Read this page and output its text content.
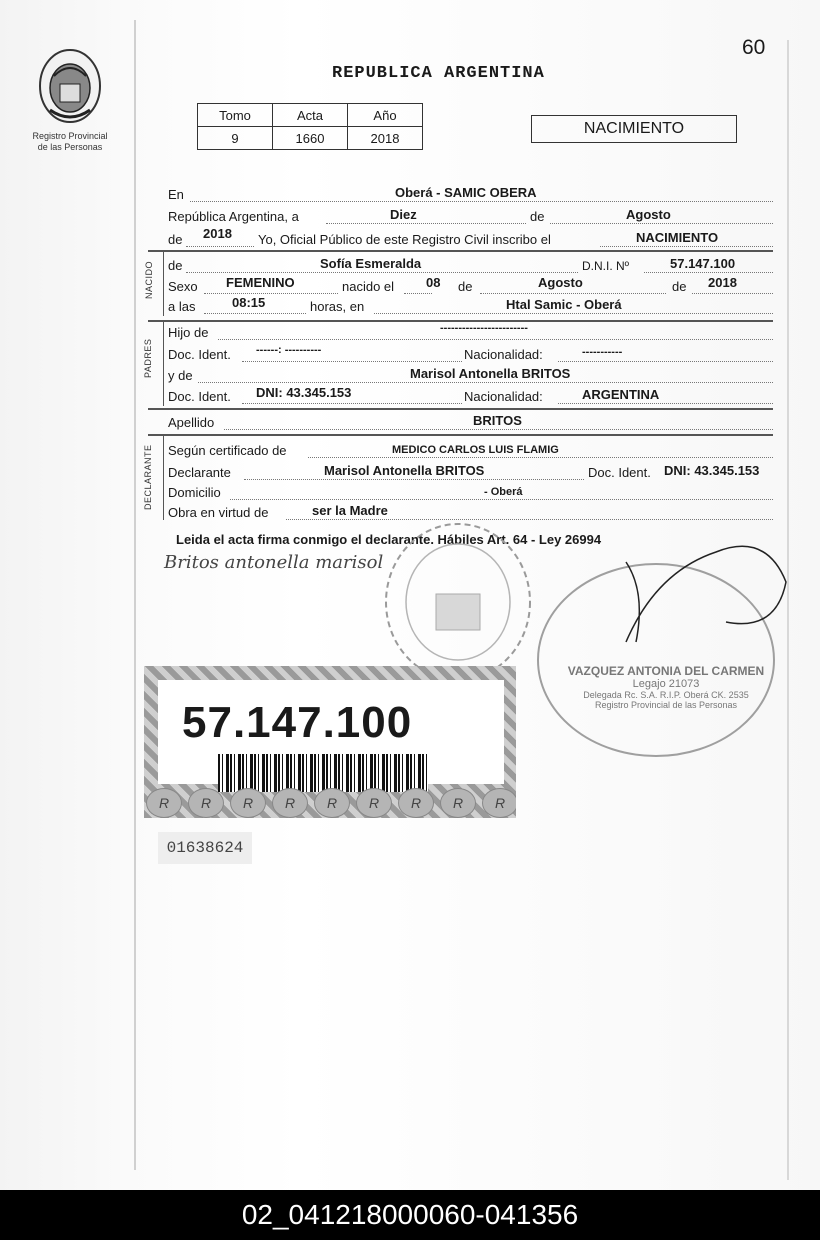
Registro Provincial
de las Personas
60
REPUBLICA ARGENTINA
Tomo	Acta	Año
9	1660	2018
NACIMIENTO
NACIDO
PADRES
DECLARANTE
En	Oberá - SAMIC OBERA
República Argentina, a	Diez	de	Agosto
de 2018 Yo, Oficial Público de este Registro Civil inscribo el	NACIMIENTO
de	Sofía Esmeralda	D.N.I. Nº	57.147.100
Sexo FEMENINO	nacido el 08 de	Agosto	de 2018
a las	08:15	horas, en	Htal Samic - Oberá
Hijo de	------------------------
Doc. Ident. ------: ----------	Nacionalidad:	-----------
y de	Marisol Antonella BRITOS
Doc. Ident. DNI: 43.345.153	Nacionalidad:	ARGENTINA
Apellido	BRITOS
Según certificado de	MEDICO CARLOS LUIS FLAMIG
Declarante	Marisol Antonella BRITOS	Doc. Ident. DNI: 43.345.153
Domicilio	- Oberá
Obra en virtud de	ser la Madre
Leida el acta firma conmigo el declarante. Hábiles Art. 64 - Ley 26994
Britos antonella marisol
VAZQUEZ ANTONIA DEL CARMEN
Legajo 21073
Delegada Rc. S.A. R.I.P. Oberá CK. 2535
Registro Provincial de las Personas
57.147.100
R	R	R	R	R	R	R	R	R
01638624
02_041218000060-041356
